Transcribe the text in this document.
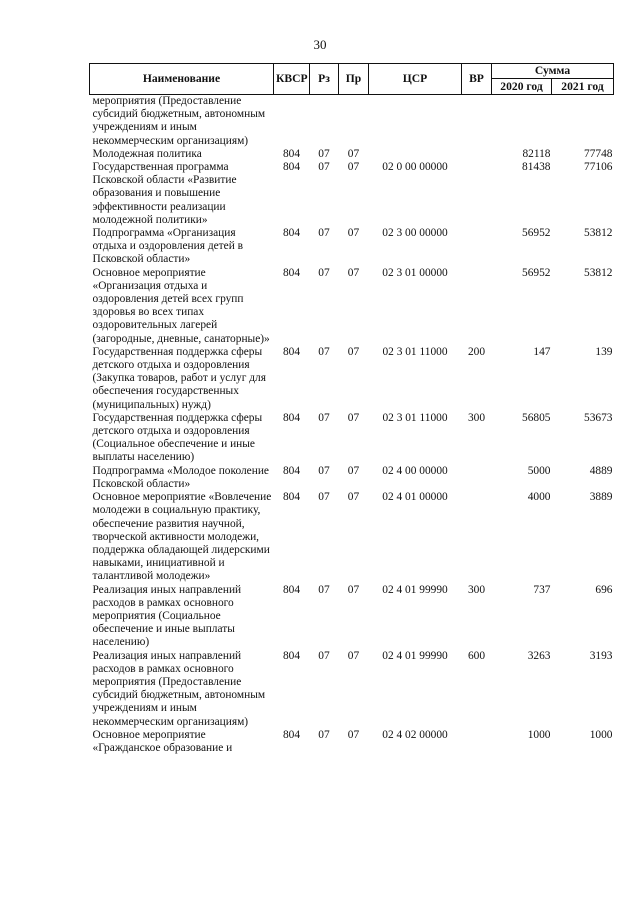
30
Наименование	КВСР	Рз	Пр	ЦСР	ВР	Сумма	
						2020 год	2021 год
мероприятия (Предоставление субсидий бюджетным, автономным учреждениям и иным некоммерческим организациям)							
Молодежная политика	804	07	07			82118	77748
Государственная программа Псковской области «Развитие образования и повышение эффективности реализации молодежной политики»	804	07	07	02 0 00 00000		81438	77106
Подпрограмма «Организация отдыха и оздоровления детей в Псковской области»	804	07	07	02 3 00 00000		56952	53812
Основное мероприятие «Организация отдыха и оздоровления детей всех групп здоровья во всех типах оздоровительных лагерей (загородные, дневные, санаторные)»	804	07	07	02 3 01 00000		56952	53812
Государственная поддержка сферы детского отдыха и оздоровления (Закупка товаров, работ и услуг для обеспечения государственных (муниципальных) нужд)	804	07	07	02 3 01 11000	200	147	139
Государственная поддержка сферы детского отдыха и оздоровления (Социальное обеспечение и иные выплаты населению)	804	07	07	02 3 01 11000	300	56805	53673
Подпрограмма «Молодое поколение Псковской области»	804	07	07	02 4 00 00000		5000	4889
Основное мероприятие «Вовлечение молодежи в социальную практику, обеспечение развития научной, творческой активности молодежи, поддержка обладающей лидерскими навыками, инициативной и талантливой молодежи»	804	07	07	02 4 01 00000		4000	3889
Реализация иных направлений расходов в рамках основного мероприятия (Социальное обеспечение и иные выплаты населению)	804	07	07	02 4 01 99990	300	737	696
Реализация иных направлений расходов в рамках основного мероприятия (Предоставление субсидий бюджетным, автономным учреждениям и иным некоммерческим организациям)	804	07	07	02 4 01 99990	600	3263	3193
Основное мероприятие «Гражданское образование и	804	07	07	02 4 02 00000		1000	1000
